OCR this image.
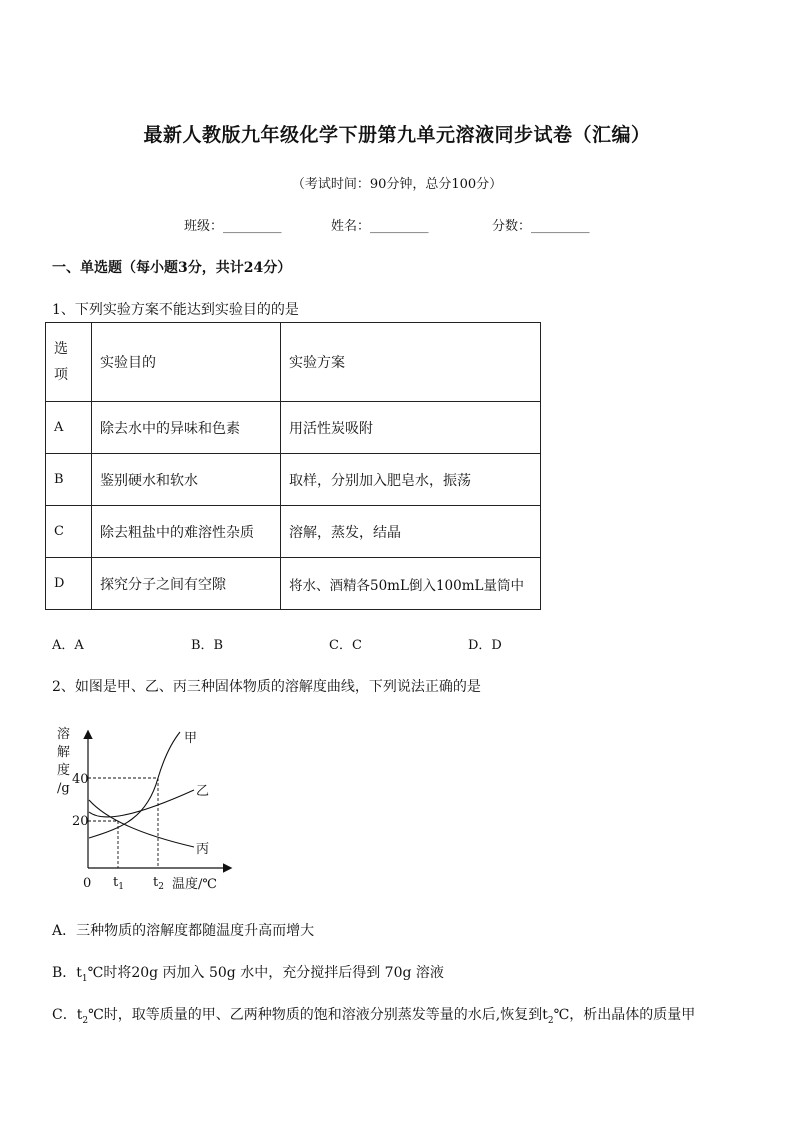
最新人教版九年级化学下册第九单元溶液同步试卷（汇编）
（考试时间：90分钟，总分100分）
班级：_________	姓名：_________	分数：_________
一、单选题（每小题3分，共计24分）
1、下列实验方案不能达到实验目的的是
选
项	实验目的	实验方案
A	除去水中的异味和色素	用活性炭吸附
B	鉴别硬水和软水	取样，分别加入肥皂水，振荡
C	除去粗盐中的难溶性杂质	溶解，蒸发，结晶
D	探究分子之间有空隙	将水、酒精各50mL倒入100mL量筒中
A．A	B．B	C．C	D．D
2、如图是甲、乙、丙三种固体物质的溶解度曲线，下列说法正确的是
溶
解
度
/g
40
20
甲
乙
丙
0 $t_1$ $t_2$ 温度/℃
A．三种物质的溶解度都随温度升高而增大
B．$t_1℃$时将20g 丙加入 50g 水中，充分搅拌后得到 70g 溶液
C．$t_2℃$时，取等质量的甲、乙两种物质的饱和溶液分别蒸发等量的水后,恢复到$t_2℃$，析出晶体的质量甲
